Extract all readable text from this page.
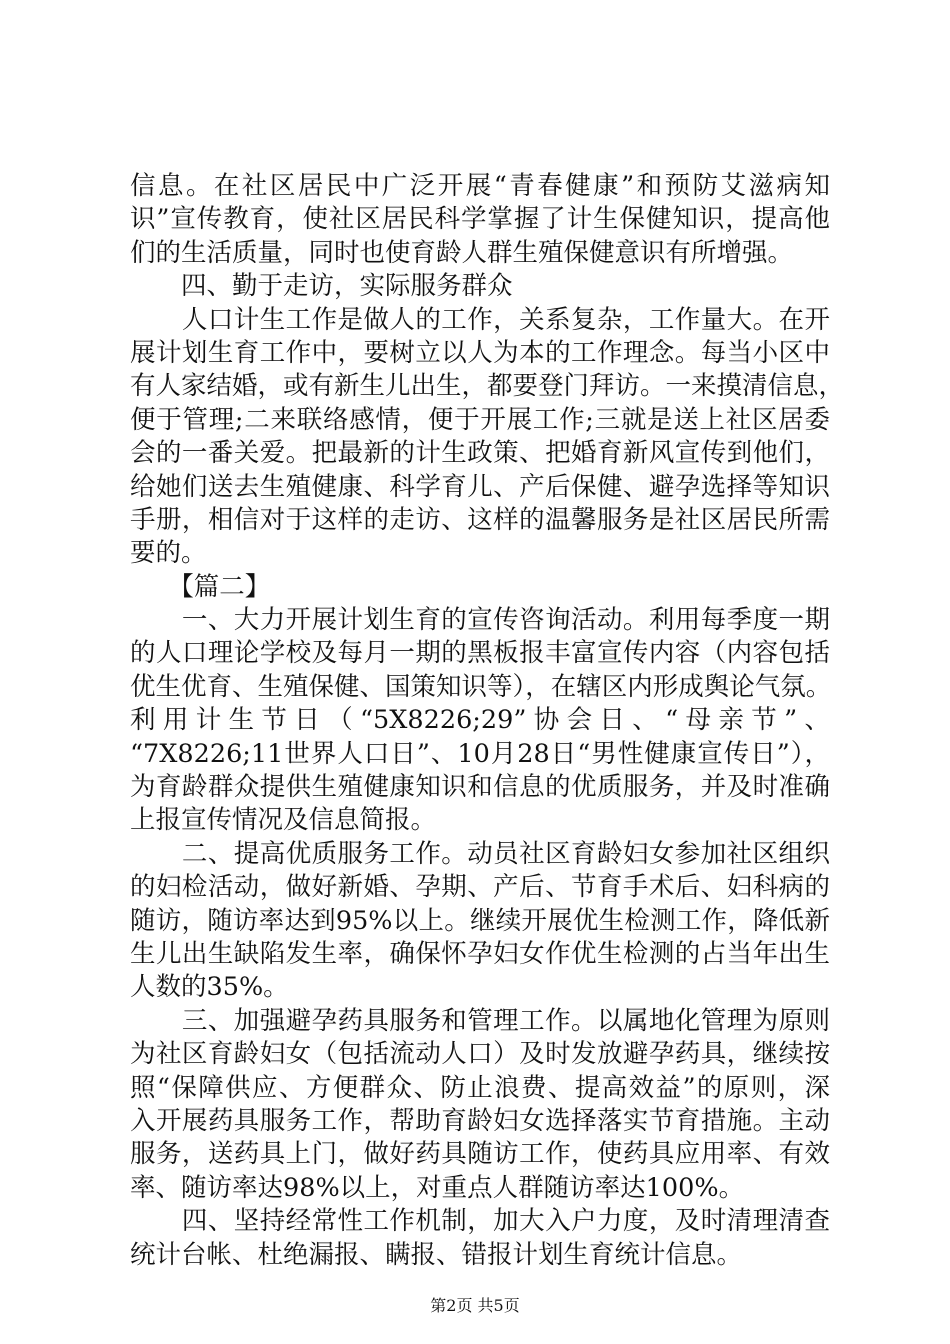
信息。在社区居民中广泛开展“青春健康”和预防艾滋病知
识”宣传教育，使社区居民科学掌握了计生保健知识，提高他
们的生活质量，同时也使育龄人群生殖保健意识有所增强。
　　四、勤于走访，实际服务群众
　　人口计生工作是做人的工作，关系复杂，工作量大。在开
展计划生育工作中，要树立以人为本的工作理念。每当小区中
有人家结婚，或有新生儿出生，都要登门拜访。一来摸清信息，
便于管理;二来联络感情，便于开展工作;三就是送上社区居委
会的一番关爱。把最新的计生政策、把婚育新风宣传到他们，
给她们送去生殖健康、科学育儿、产后保健、避孕选择等知识
手册，相信对于这样的走访、这样的温馨服务是社区居民所需
要的。
　　【篇二】
　　一、大力开展计划生育的宣传咨询活动。利用每季度一期
的人口理论学校及每月一期的黑板报丰富宣传内容（内容包括
优生优育、生殖保健、国策知识等），在辖区内形成舆论气氛。
利用计生节日（“5X8226;29”协会日、“母亲节”、
“7X8226;11世界人口日”、10月28日“男性健康宣传日”），
为育龄群众提供生殖健康知识和信息的优质服务，并及时准确
上报宣传情况及信息简报。
　　二、提高优质服务工作。动员社区育龄妇女参加社区组织
的妇检活动，做好新婚、孕期、产后、节育手术后、妇科病的
随访，随访率达到95%以上。继续开展优生检测工作，降低新
生儿出生缺陷发生率，确保怀孕妇女作优生检测的占当年出生
人数的35%。
　　三、加强避孕药具服务和管理工作。以属地化管理为原则
为社区育龄妇女（包括流动人口）及时发放避孕药具，继续按
照“保障供应、方便群众、防止浪费、提高效益”的原则，深
入开展药具服务工作，帮助育龄妇女选择落实节育措施。主动
服务，送药具上门，做好药具随访工作，使药具应用率、有效
率、随访率达98%以上，对重点人群随访率达100%。
　　四、坚持经常性工作机制，加大入户力度，及时清理清查
统计台帐、杜绝漏报、瞒报、错报计划生育统计信息。
第2页 共5页
